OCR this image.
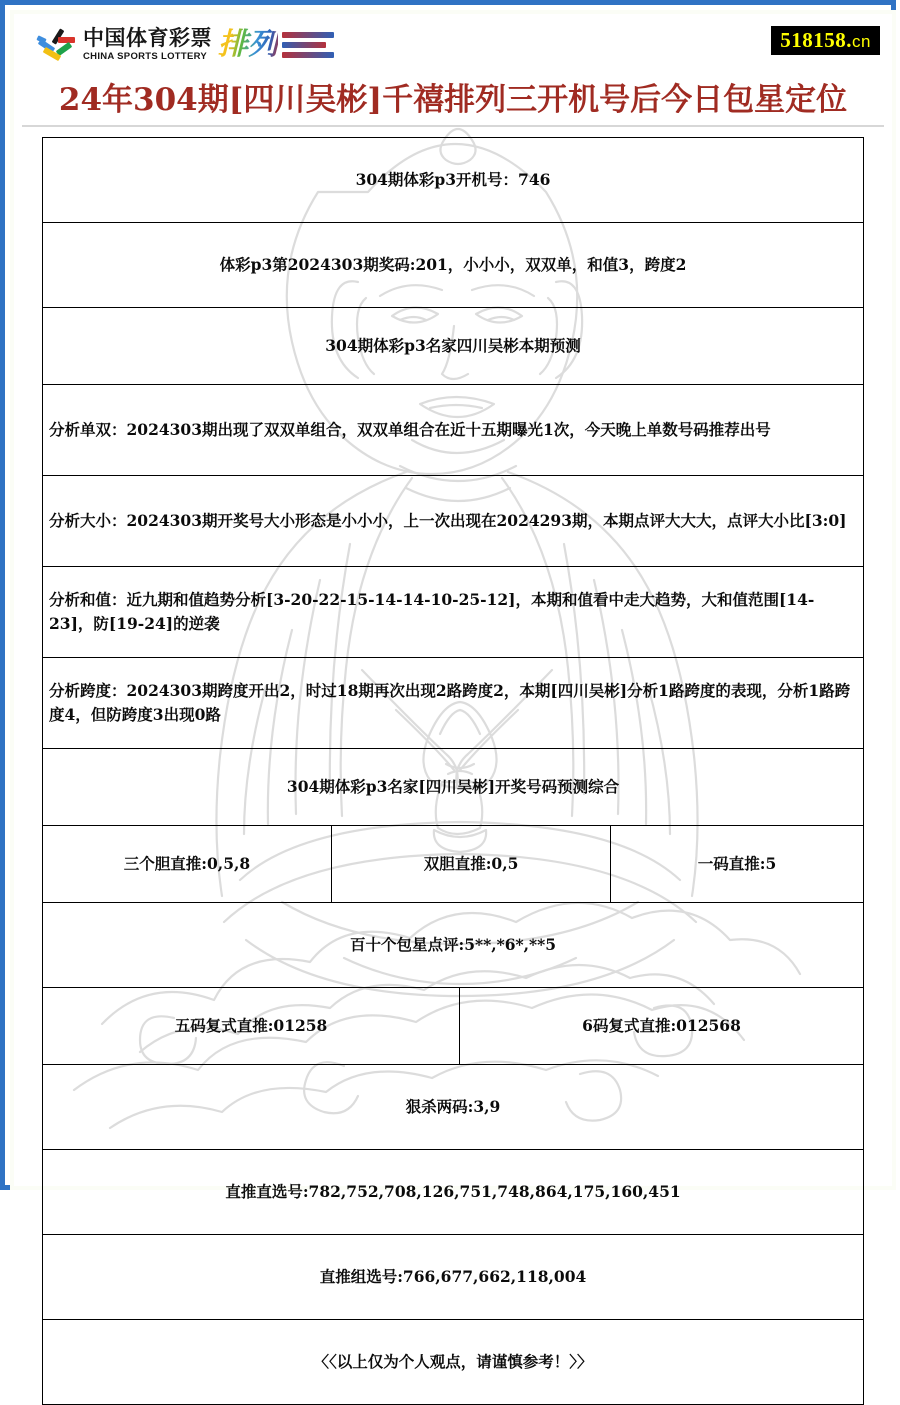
中国体育彩票
CHINA SPORTS LOTTERY 排列	518158.cn
24年304期[四川吴彬]千禧排列三开机号后今日包星定位
304期体彩p3开机号：746			
体彩p3第2024303期奖码:201，小小小，双双单，和值3，跨度2			
304期体彩p3名家四川吴彬本期预测			
分析单双：2024303期出现了双双单组合，双双单组合在近十五期曝光1次，今天晚上单数号码推荐出号			
分析大小：2024303期开奖号大小形态是小小小，上一次出现在2024293期，本期点评大大大，点评大小比[3:0]			
分析和值：近九期和值趋势分析[3-20-22-15-14-14-10-25-12]，本期和值看中走大趋势，大和值范围[14-23]，防[19-24]的逆袭			
分析跨度：2024303期跨度开出2，时过18期再次出现2路跨度2，本期[四川吴彬]分析1路跨度的表现，分析1路跨度4，但防跨度3出现0路			
304期体彩p3名家[四川吴彬]开奖号码预测综合			
三个胆直推:0,5,8	双胆直推:0,5		一码直推:5
百十个包星点评:5**,*6*,**5			
五码复式直推:01258		6码复式直推:012568	
狠杀两码:3,9			
直推直选号:782,752,708,126,751,748,864,175,160,451			
直推组选号:766,677,662,118,004			
〈〈以上仅为个人观点，请谨慎参考！〉〉			
